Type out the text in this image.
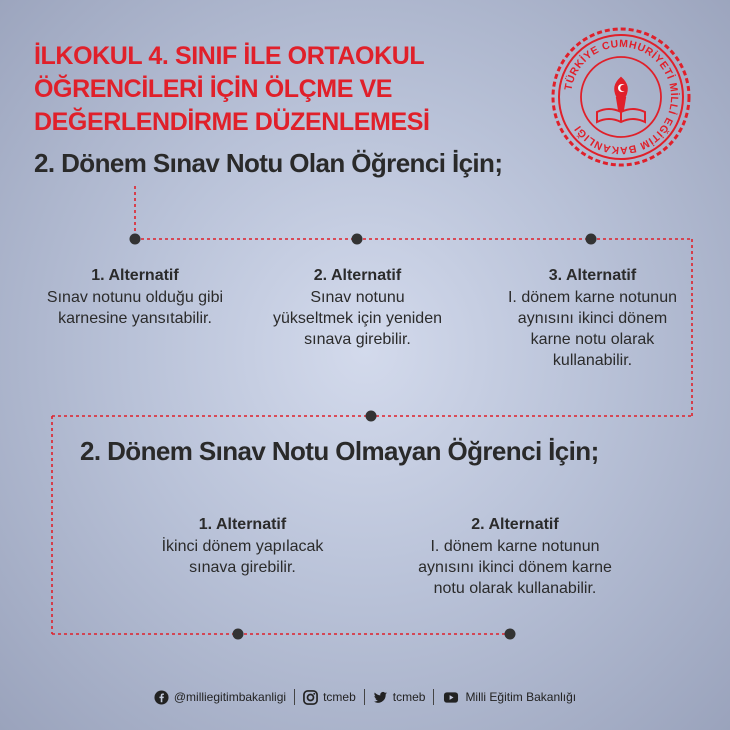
İLKOKUL 4. SINIF İLE ORTAOKUL
ÖĞRENCİLERİ İÇİN ÖLÇME VE
DEĞERLENDİRME DÜZENLEMESİ
TÜRKİYE CUMHURİYETİ MİLLİ EĞİTİM BAKANLIĞI
2. Dönem Sınav Notu Olan Öğrenci İçin;
2. Dönem Sınav Notu Olmayan Öğrenci İçin;
1. Alternatif
Sınav notunu olduğu gibi
karnesine yansıtabilir.
2. Alternatif
Sınav notunu
yükseltmek için yeniden
sınava girebilir.
3. Alternatif
I. dönem karne notunun
aynısını ikinci dönem
karne notu olarak
kullanabilir.
1. Alternatif
İkinci dönem yapılacak
sınava girebilir.
2. Alternatif
I. dönem karne notunun
aynısını ikinci dönem karne
notu olarak kullanabilir.
@milliegitimbakanligi	tcmeb	tcmeb	Milli Eğitim Bakanlığı
